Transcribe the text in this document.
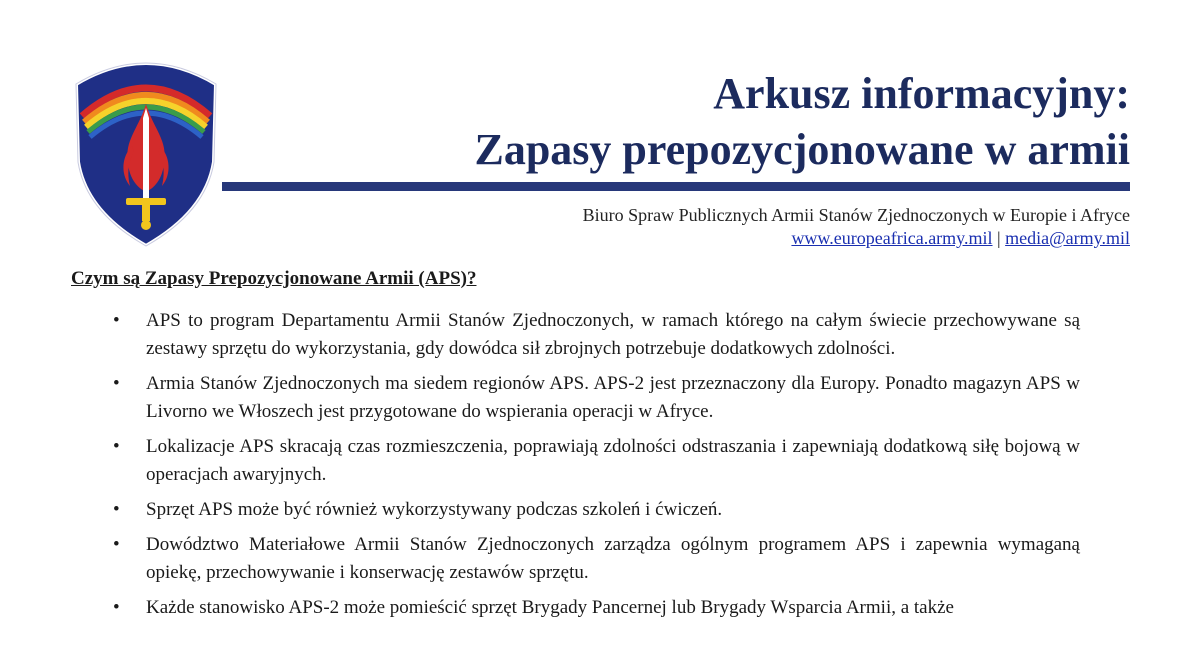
Arkusz informacyjny:
Zapasy prepozycjonowane w armii
Biuro Spraw Publicznych Armii Stanów Zjednoczonych w Europie i Afryce
www.europeafrica.army.mil | media@army.mil
Czym są Zapasy Prepozycjonowane Armii (APS)?
• APS to program Departamentu Armii Stanów Zjednoczonych, w ramach którego na całym świecie przechowywane są zestawy sprzętu do wykorzystania, gdy dowódca sił zbrojnych potrzebuje dodatkowych zdolności.
• Armia Stanów Zjednoczonych ma siedem regionów APS. APS-2 jest przeznaczony dla Europy. Ponadto magazyn APS w Livorno we Włoszech jest przygotowane do wspierania operacji w Afryce.
• Lokalizacje APS skracają czas rozmieszczenia, poprawiają zdolności odstraszania i zapewniają dodatkową siłę bojową w operacjach awaryjnych.
• Sprzęt APS może być również wykorzystywany podczas szkoleń i ćwiczeń.
• Dowództwo Materiałowe Armii Stanów Zjednoczonych zarządza ogólnym programem APS i zapewnia wymaganą opiekę, przechowywanie i konserwację zestawów sprzętu.
• Każde stanowisko APS-2 może pomieścić sprzęt Brygady Pancernej lub Brygady Wsparcia Armii, a także
